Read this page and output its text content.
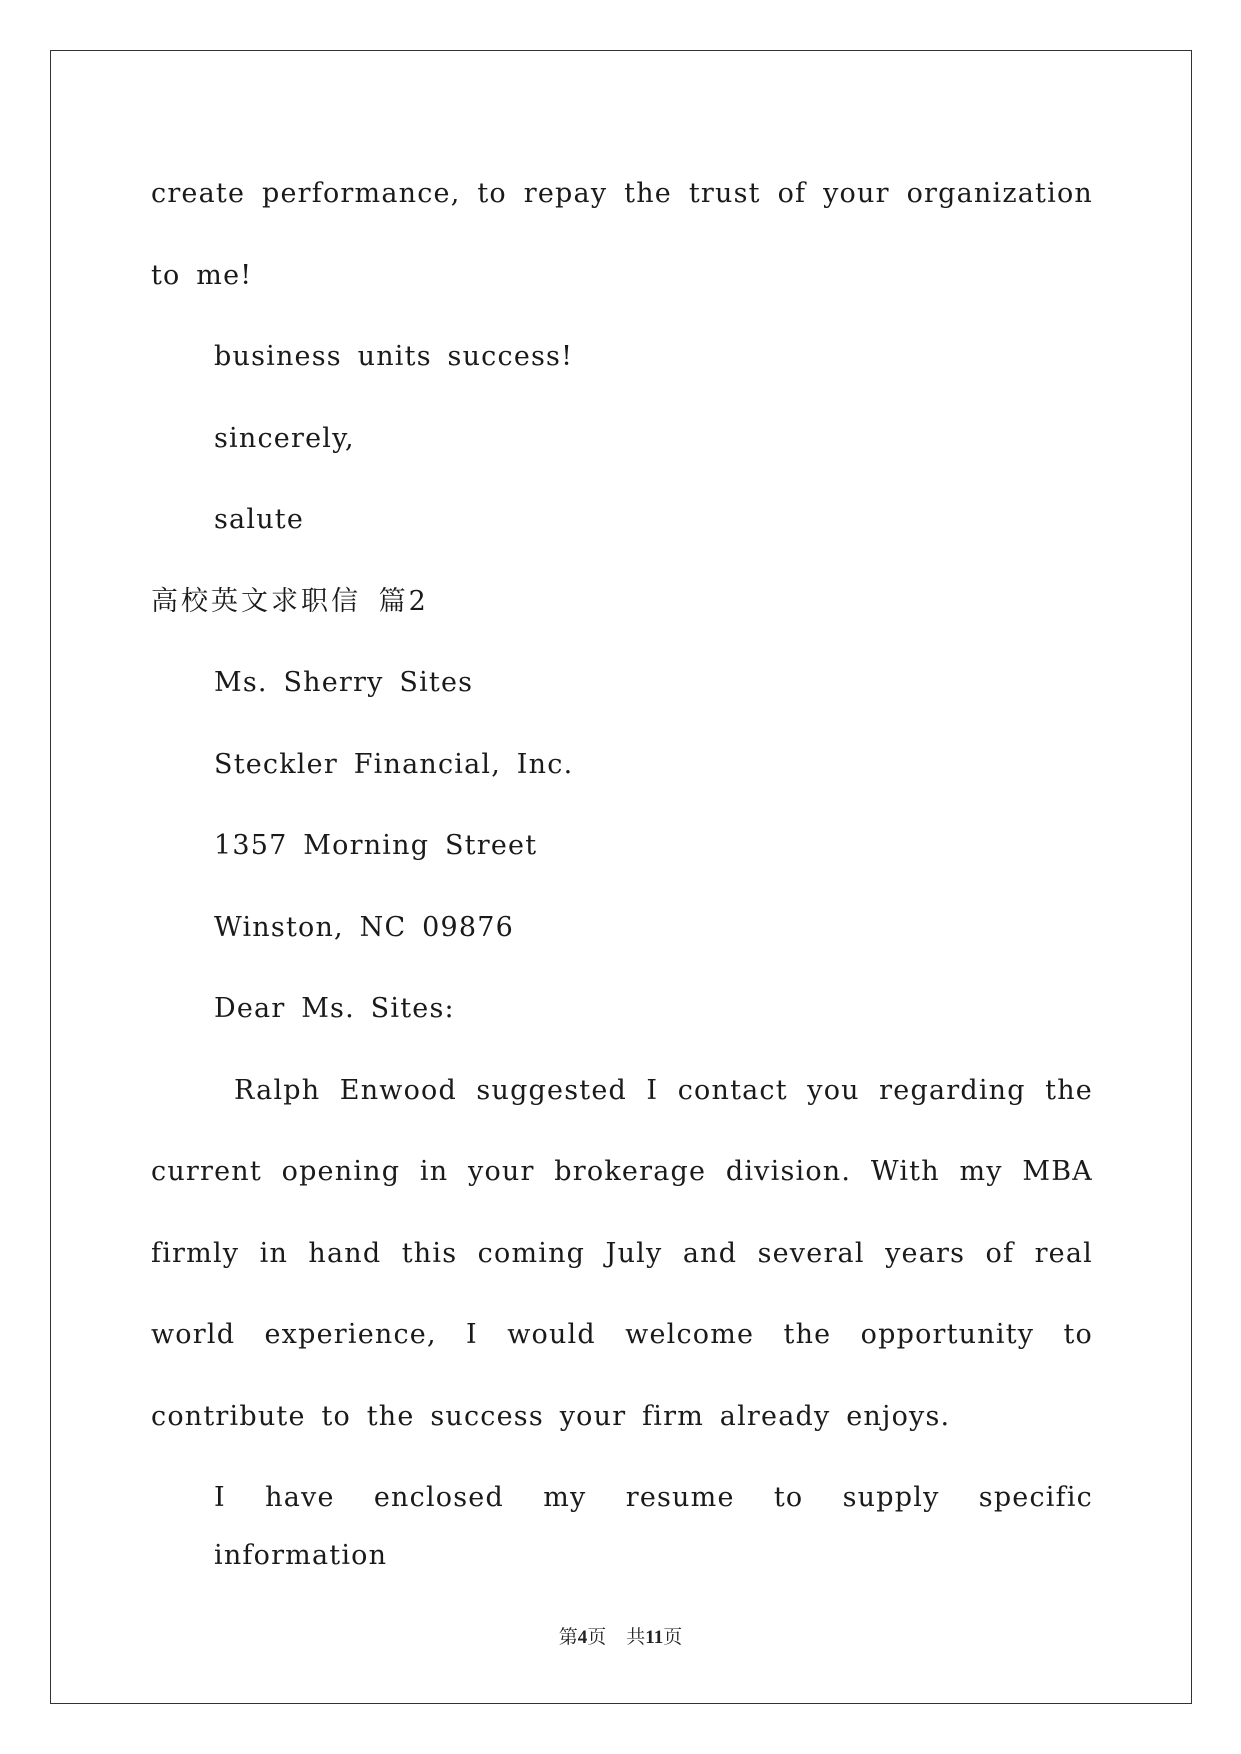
create performance, to repay the trust of your organization
to me!
business units success!
sincerely,
salute
高校英文求职信 篇2
Ms. Sherry Sites
Steckler Financial, Inc.
1357 Morning Street
Winston, NC 09876
Dear Ms. Sites:
Ralph Enwood suggested I contact you regarding the
current opening in your brokerage division. With my MBA
firmly in hand this coming July and several years of real
world experience, I would welcome the opportunity to
contribute to the success your firm already enjoys.
I have enclosed my resume to supply specific information
第4页 共11页
